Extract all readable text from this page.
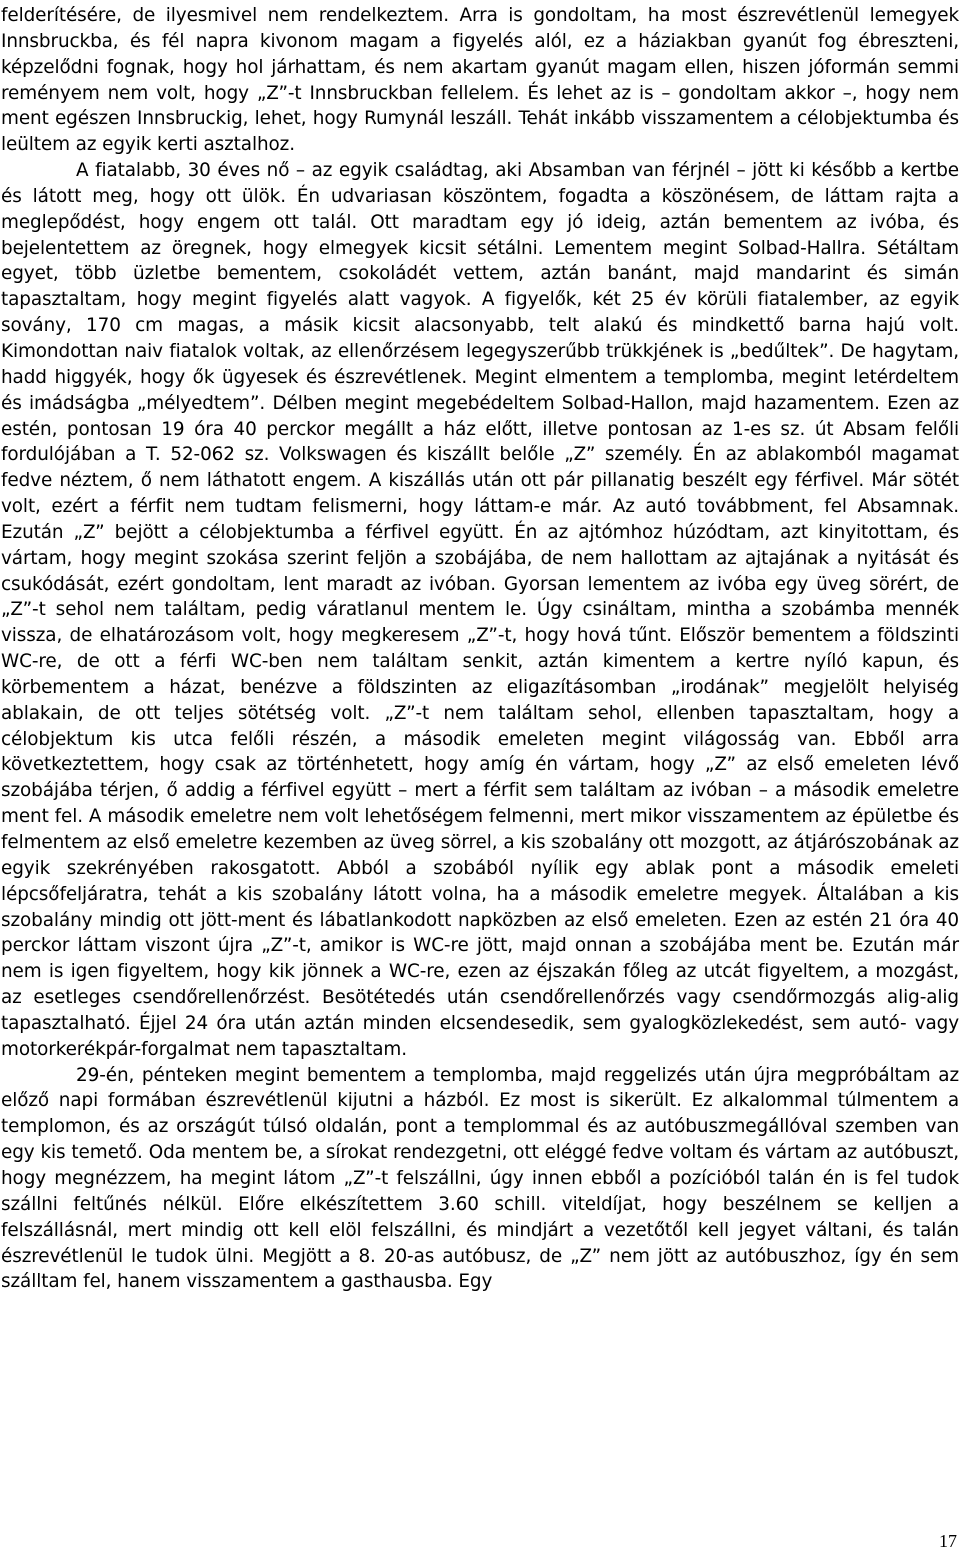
felderítésére, de ilyesmivel nem rendelkeztem. Arra is gondoltam, ha most észrevétlenül lemegyek Innsbruckba, és fél napra kivonom magam a figyelés alól, ez a háziakban gyanút fog ébreszteni, képzelődni fognak, hogy hol járhattam, és nem akartam gyanút magam ellen, hiszen jóformán semmi reményem nem volt, hogy „Z”-t Innsbruckban fellelem. És lehet az is – gondoltam akkor –, hogy nem ment egészen Innsbruckig, lehet, hogy Rumynál leszáll. Tehát inkább visszamentem a célobjektumba és leültem az egyik kerti asztalhoz.

A fiatalabb, 30 éves nő – az egyik családtag, aki Absamban van férjnél – jött ki később a kertbe és látott meg, hogy ott ülök. Én udvariasan köszöntem, fogadta a köszönésem, de láttam rajta a meglepődést, hogy engem ott talál. Ott maradtam egy jó ideig, aztán bementem az ivóba, és bejelentettem az öregnek, hogy elmegyek kicsit sétálni. Lementem megint Solbad-Hallra. Sétáltam egyet, több üzletbe bementem, csokoládét vettem, aztán banánt, majd mandarint és simán tapasztaltam, hogy megint figyelés alatt vagyok. A figyelők, két 25 év körüli fiatalember, az egyik sovány, 170 cm magas, a másik kicsit alacsonyabb, telt alakú és mindkettő barna hajú volt. Kimondottan naiv fiatalok voltak, az ellenőrzésem legegyszerűbb trükkjének is „bedűltek”. De hagytam, hadd higgyék, hogy ők ügyesek és észrevétlenek. Megint elmentem a templomba, megint letérdeltem és imádságba „mélyedtem”. Délben megint megebédeltem Solbad-Hallon, majd hazamentem. Ezen az estén, pontosan 19 óra 40 perckor megállt a ház előtt, illetve pontosan az 1-es sz. út Absam felőli fordulójában a T. 52-062 sz. Volkswagen és kiszállt belőle „Z” személy. Én az ablakomból magamat fedve néztem, ő nem láthatott engem. A kiszállás után ott pár pillanatig beszélt egy férfivel. Már sötét volt, ezért a férfit nem tudtam felismerni, hogy láttam-e már. Az autó továbbment, fel Absamnak. Ezután „Z” bejött a célobjektumba a férfivel együtt. Én az ajtómhoz húzódtam, azt kinyitottam, és vártam, hogy megint szokása szerint feljön a szobájába, de nem hallottam az ajtajának a nyitását és csukódását, ezért gondoltam, lent maradt az ivóban. Gyorsan lementem az ivóba egy üveg sörért, de „Z”-t sehol nem találtam, pedig váratlanul mentem le. Úgy csináltam, mintha a szobámba mennék vissza, de elhatározásom volt, hogy megkeresem „Z”-t, hogy hová tűnt. Először bementem a földszinti WC-re, de ott a férfi WC-ben nem találtam senkit, aztán kimentem a kertre nyíló kapun, és körbementem a házat, benézve a földszinten az eligazításomban „irodának” megjelölt helyiség ablakain, de ott teljes sötétség volt. „Z”-t nem találtam sehol, ellenben tapasztaltam, hogy a célobjektum kis utca felőli részén, a második emeleten megint világosság van. Ebből arra következtettem, hogy csak az történhetett, hogy amíg én vártam, hogy „Z” az első emeleten lévő szobájába térjen, ő addig a férfivel együtt – mert a férfit sem találtam az ivóban – a második emeletre ment fel. A második emeletre nem volt lehetőségem felmenni, mert mikor visszamentem az épületbe és felmentem az első emeletre kezemben az üveg sörrel, a kis szobalány ott mozgott, az átjárószobának az egyik szekrényében rakosgatott. Abból a szobából nyílik egy ablak pont a második emeleti lépcsőfeljáratra, tehát a kis szobalány látott volna, ha a második emeletre megyek. Általában a kis szobalány mindig ott jött-ment és lábatlankodott napközben az első emeleten. Ezen az estén 21 óra 40 perckor láttam viszont újra „Z”-t, amikor is WC-re jött, majd onnan a szobájába ment be. Ezután már nem is igen figyeltem, hogy kik jönnek a WC-re, ezen az éjszakán főleg az utcát figyeltem, a mozgást, az esetleges csendőrellenőrzést. Besötétedés után csendőrellenőrzés vagy csendőrmozgás alig-alig tapasztalható. Éjjel 24 óra után aztán minden elcsendesedik, sem gyalogközlekedést, sem autó- vagy motorkerékpár-forgalmat nem tapasztaltam.

29-én, pénteken megint bementem a templomba, majd reggelizés után újra megpróbáltam az előző napi formában észrevétlenül kijutni a házból. Ez most is sikerült. Ez alkalommal túlmentem a templomon, és az országút túlsó oldalán, pont a templommal és az autóbuszmegállóval szemben van egy kis temető. Oda mentem be, a sírokat rendezgetni, ott eléggé fedve voltam és vártam az autóbuszt, hogy megnézzem, ha megint látom „Z”-t felszállni, úgy innen ebből a pozícióból talán én is fel tudok szállni feltűnés nélkül. Előre elkészítettem 3.60 schill. viteldíjat, hogy beszélnem se kelljen a felszállásnál, mert mindig ott kell elöl felszállni, és mindjárt a vezetőtől kell jegyet váltani, és talán észrevétlenül le tudok ülni. Megjött a 8. 20-as autóbusz, de „Z” nem jött az autóbuszhoz, így én sem szálltam fel, hanem visszamentem a gasthausba. Egy

17
